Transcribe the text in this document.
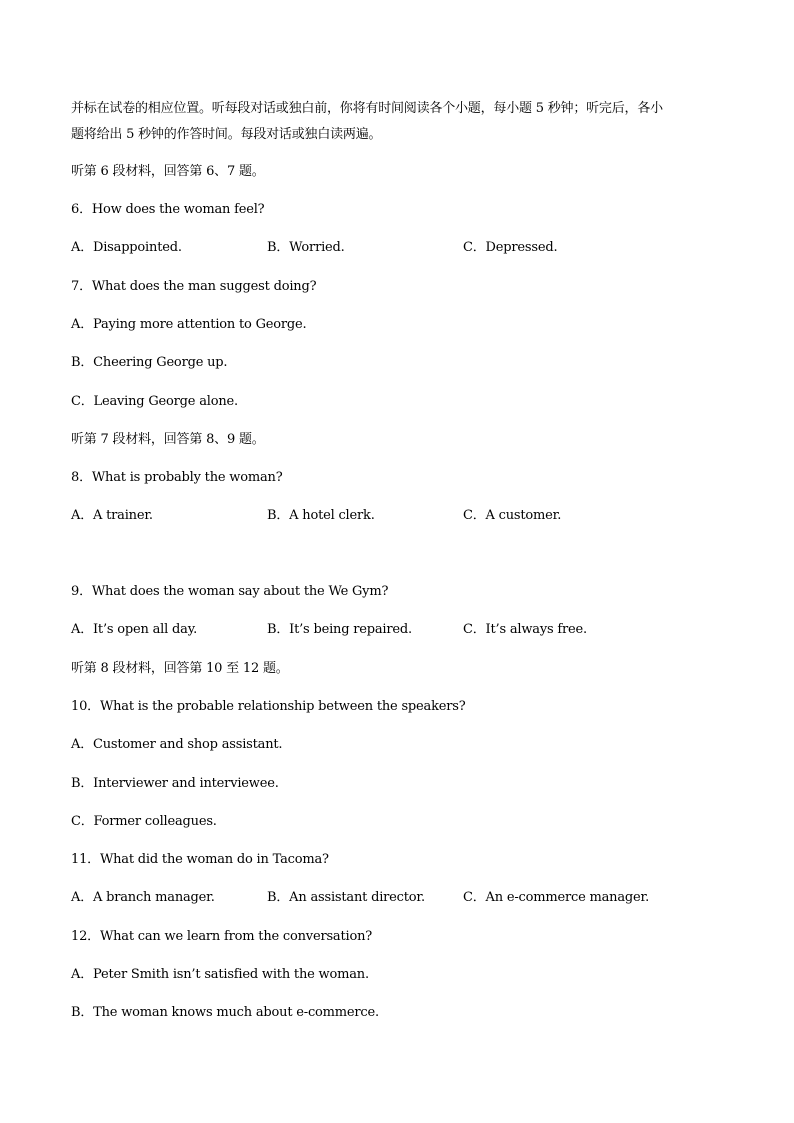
并标在试卷的相应位置。听每段对话或独白前，你将有时间阅读各个小题，每小题 5 秒钟；听完后，各小
题将给出 5 秒钟的作答时间。每段对话或独白读两遍。
听第 6 段材料，回答第 6、7 题。
6．How does the woman feel?
A．Disappointed.	B．Worried.	C．Depressed.
7．What does the man suggest doing?
A．Paying more attention to George.
B．Cheering George up.
C．Leaving George alone.
听第 7 段材料，回答第 8、9 题。
8．What is probably the woman?
A．A trainer.	B．A hotel clerk.	C．A customer.
9．What does the woman say about the We Gym?
A．It’s open all day.	B．It’s being repaired.	C．It’s always free.
听第 8 段材料，回答第 10 至 12 题。
10．What is the probable relationship between the speakers?
A．Customer and shop assistant.
B．Interviewer and interviewee.
C．Former colleagues.
11．What did the woman do in Tacoma?
A．A branch manager.	B．An assistant director.	C．An e-commerce manager.
12．What can we learn from the conversation?
A．Peter Smith isn’t satisfied with the woman.
B．The woman knows much about e-commerce.
